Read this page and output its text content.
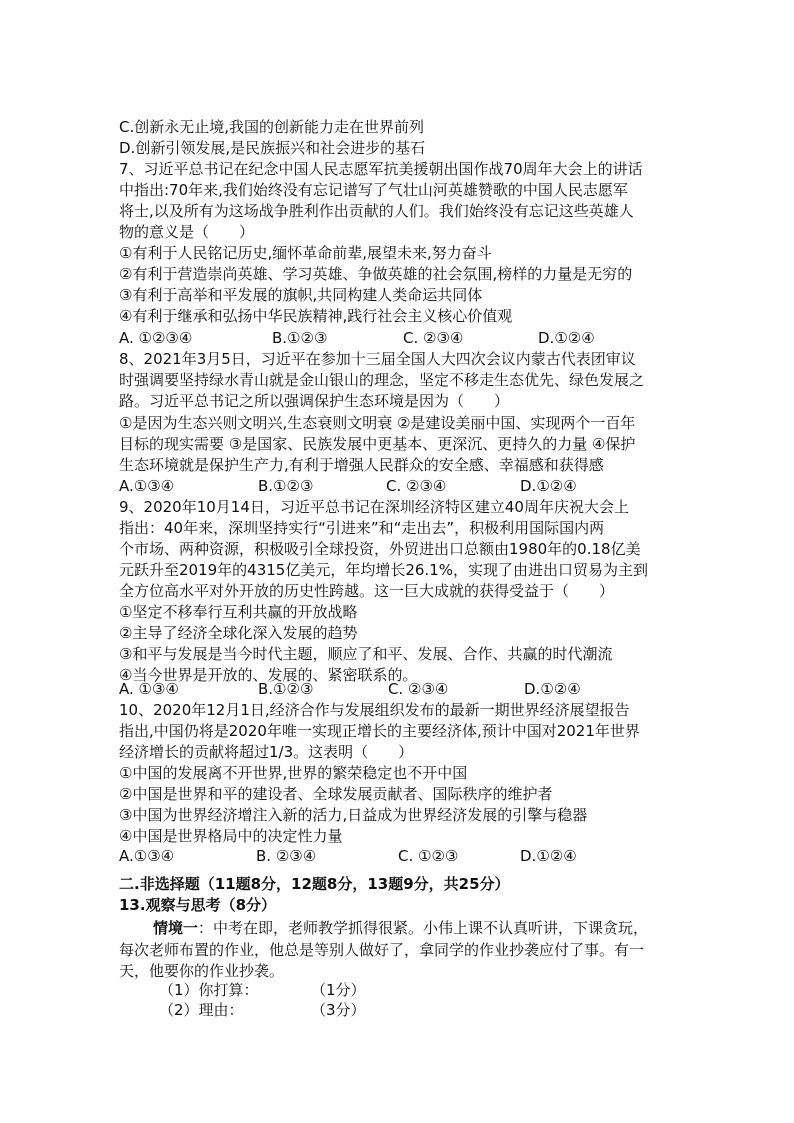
C.创新永无止境,我国的创新能力走在世界前列
D.创新引领发展,是民族振兴和社会进步的基石
7、习近平总书记在纪念中国人民志愿军抗美援朝出国作战70周年大会上的讲话
中指出:70年来,我们始终没有忘记谱写了气壮山河英雄赞歌的中国人民志愿军
将士,以及所有为这场战争胜利作出贡献的人们。我们始终没有忘记这些英雄人
物的意义是（　　）
①有利于人民铭记历史,缅怀革命前辈,展望未来,努力奋斗
②有利于营造崇尚英雄、学习英雄、争做英雄的社会氛围,榜样的力量是无穷的
③有利于高举和平发展的旗帜,共同构建人类命运共同体
④有利于继承和弘扬中华民族精神,践行社会主义核心价值观
A. ①②③④	B.①②③	C. ②③④	D.①②④
8、2021年3月5日，习近平在参加十三届全国人大四次会议内蒙古代表团审议
时强调要坚持绿水青山就是金山银山的理念，坚定不移走生态优先、绿色发展之
路。习近平总书记之所以强调保护生态环境是因为（　　）
①是因为生态兴则文明兴,生态衰则文明衰 ②是建设美丽中国、实现两个一百年
目标的现实需要 ③是国家、民族发展中更基本、更深沉、更持久的力量 ④保护
生态环境就是保护生产力,有利于增强人民群众的安全感、幸福感和获得感
A.①③④	B.①②③	C. ②③④	D.①②④
9、2020年10月14日，习近平总书记在深圳经济特区建立40周年庆祝大会上
指出：40年来，深圳坚持实行“引进来”和“走出去”，积极利用国际国内两
个市场、两种资源，积极吸引全球投资，外贸进出口总额由1980年的0.18亿美
元跃升至2019年的4315亿美元，年均增长26.1%，实现了由进出口贸易为主到
全方位高水平对外开放的历史性跨越。这一巨大成就的获得受益于（　　）
①坚定不移奉行互利共赢的开放战略
②主导了经济全球化深入发展的趋势
③和平与发展是当今时代主题，顺应了和平、发展、合作、共赢的时代潮流
④当今世界是开放的、发展的、紧密联系的。
A. ①③④	B.①②③	C. ②③④	D.①②④
10、2020年12月1日,经济合作与发展组织发布的最新一期世界经济展望报告
指出,中国仍将是2020年唯一实现正增长的主要经济体,预计中国对2021年世界
经济增长的贡献将超过1/3。这表明（　　）
①中国的发展离不开世界,世界的繁荣稳定也不开中国
②中国是世界和平的建设者、全球发展贡献者、国际秩序的维护者
③中国为世界经济增注入新的活力,日益成为世界经济发展的引擎与稳器
④中国是世界格局中的决定性力量
A.①③④	B. ②③④	C. ①②③	D.①②④
二.非选择题（11题8分，12题8分，13题9分，共25分）
13.观察与思考（8分）
情境一：中考在即，老师教学抓得很紧。小伟上课不认真听讲，下课贪玩，
每次老师布置的作业，他总是等别人做好了，拿同学的作业抄袭应付了事。有一
天，他要你的作业抄袭。
（1）你打算：	（1分）
（2）理由：	（3分）
